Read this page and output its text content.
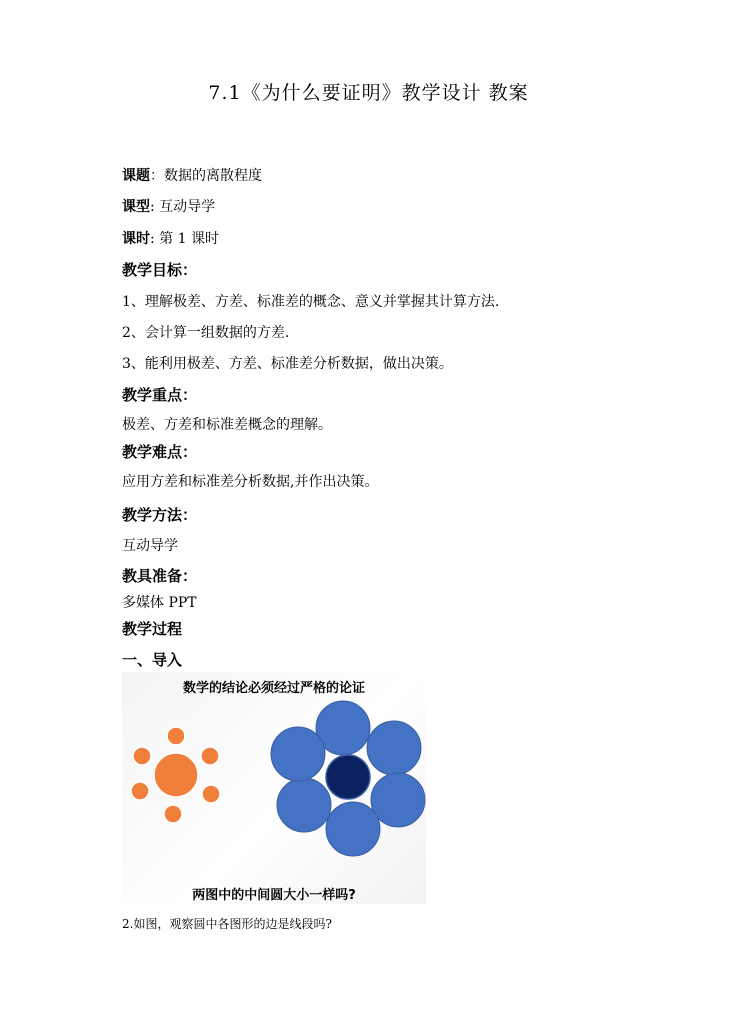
7.1《为什么要证明》教学设计 教案
课题：数据的离散程度
课型: 互动导学
课时: 第 1 课时
教学目标：
1、理解极差、方差、标准差的概念、意义并掌握其计算方法.
2、会计算一组数据的方差.
3、能利用极差、方差、标准差分析数据，做出决策。
教学重点：
极差、方差和标准差概念的理解。
教学难点：
应用方差和标准差分析数据,并作出决策。
教学方法：
互动导学
教具准备：
多媒体 PPT
教学过程
一、导入
数学的结论必须经过严格的论证
两图中的中间圆大小一样吗?
2.如图，观察圆中各图形的边是线段吗?
